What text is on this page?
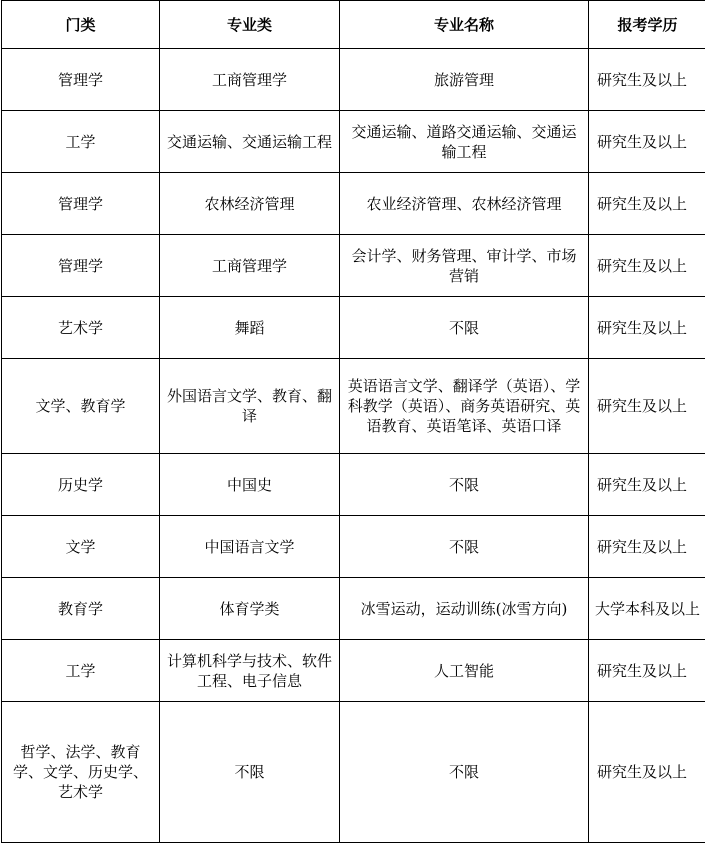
门类	专业类	专业名称	报考学历
管理学	工商管理学	旅游管理	研究生及以上
工学	交通运输、交通运输工程	交通运输、道路交通运输、交通运输工程	研究生及以上
管理学	农林经济管理	农业经济管理、农林经济管理	研究生及以上
管理学	工商管理学	会计学、财务管理、审计学、市场营销	研究生及以上
艺术学	舞蹈	不限	研究生及以上
文学、教育学	外国语言文学、教育、翻译	英语语言文学、翻译学（英语）、学科教学（英语）、商务英语研究、英语教育、英语笔译、英语口译	研究生及以上
历史学	中国史	不限	研究生及以上
文学	中国语言文学	不限	研究生及以上
教育学	体育学类	冰雪运动，运动训练(冰雪方向)	大学本科及以上
工学	计算机科学与技术、软件工程、电子信息	人工智能	研究生及以上
哲学、法学、教育学、文学、历史学、艺术学	不限	不限	研究生及以上
